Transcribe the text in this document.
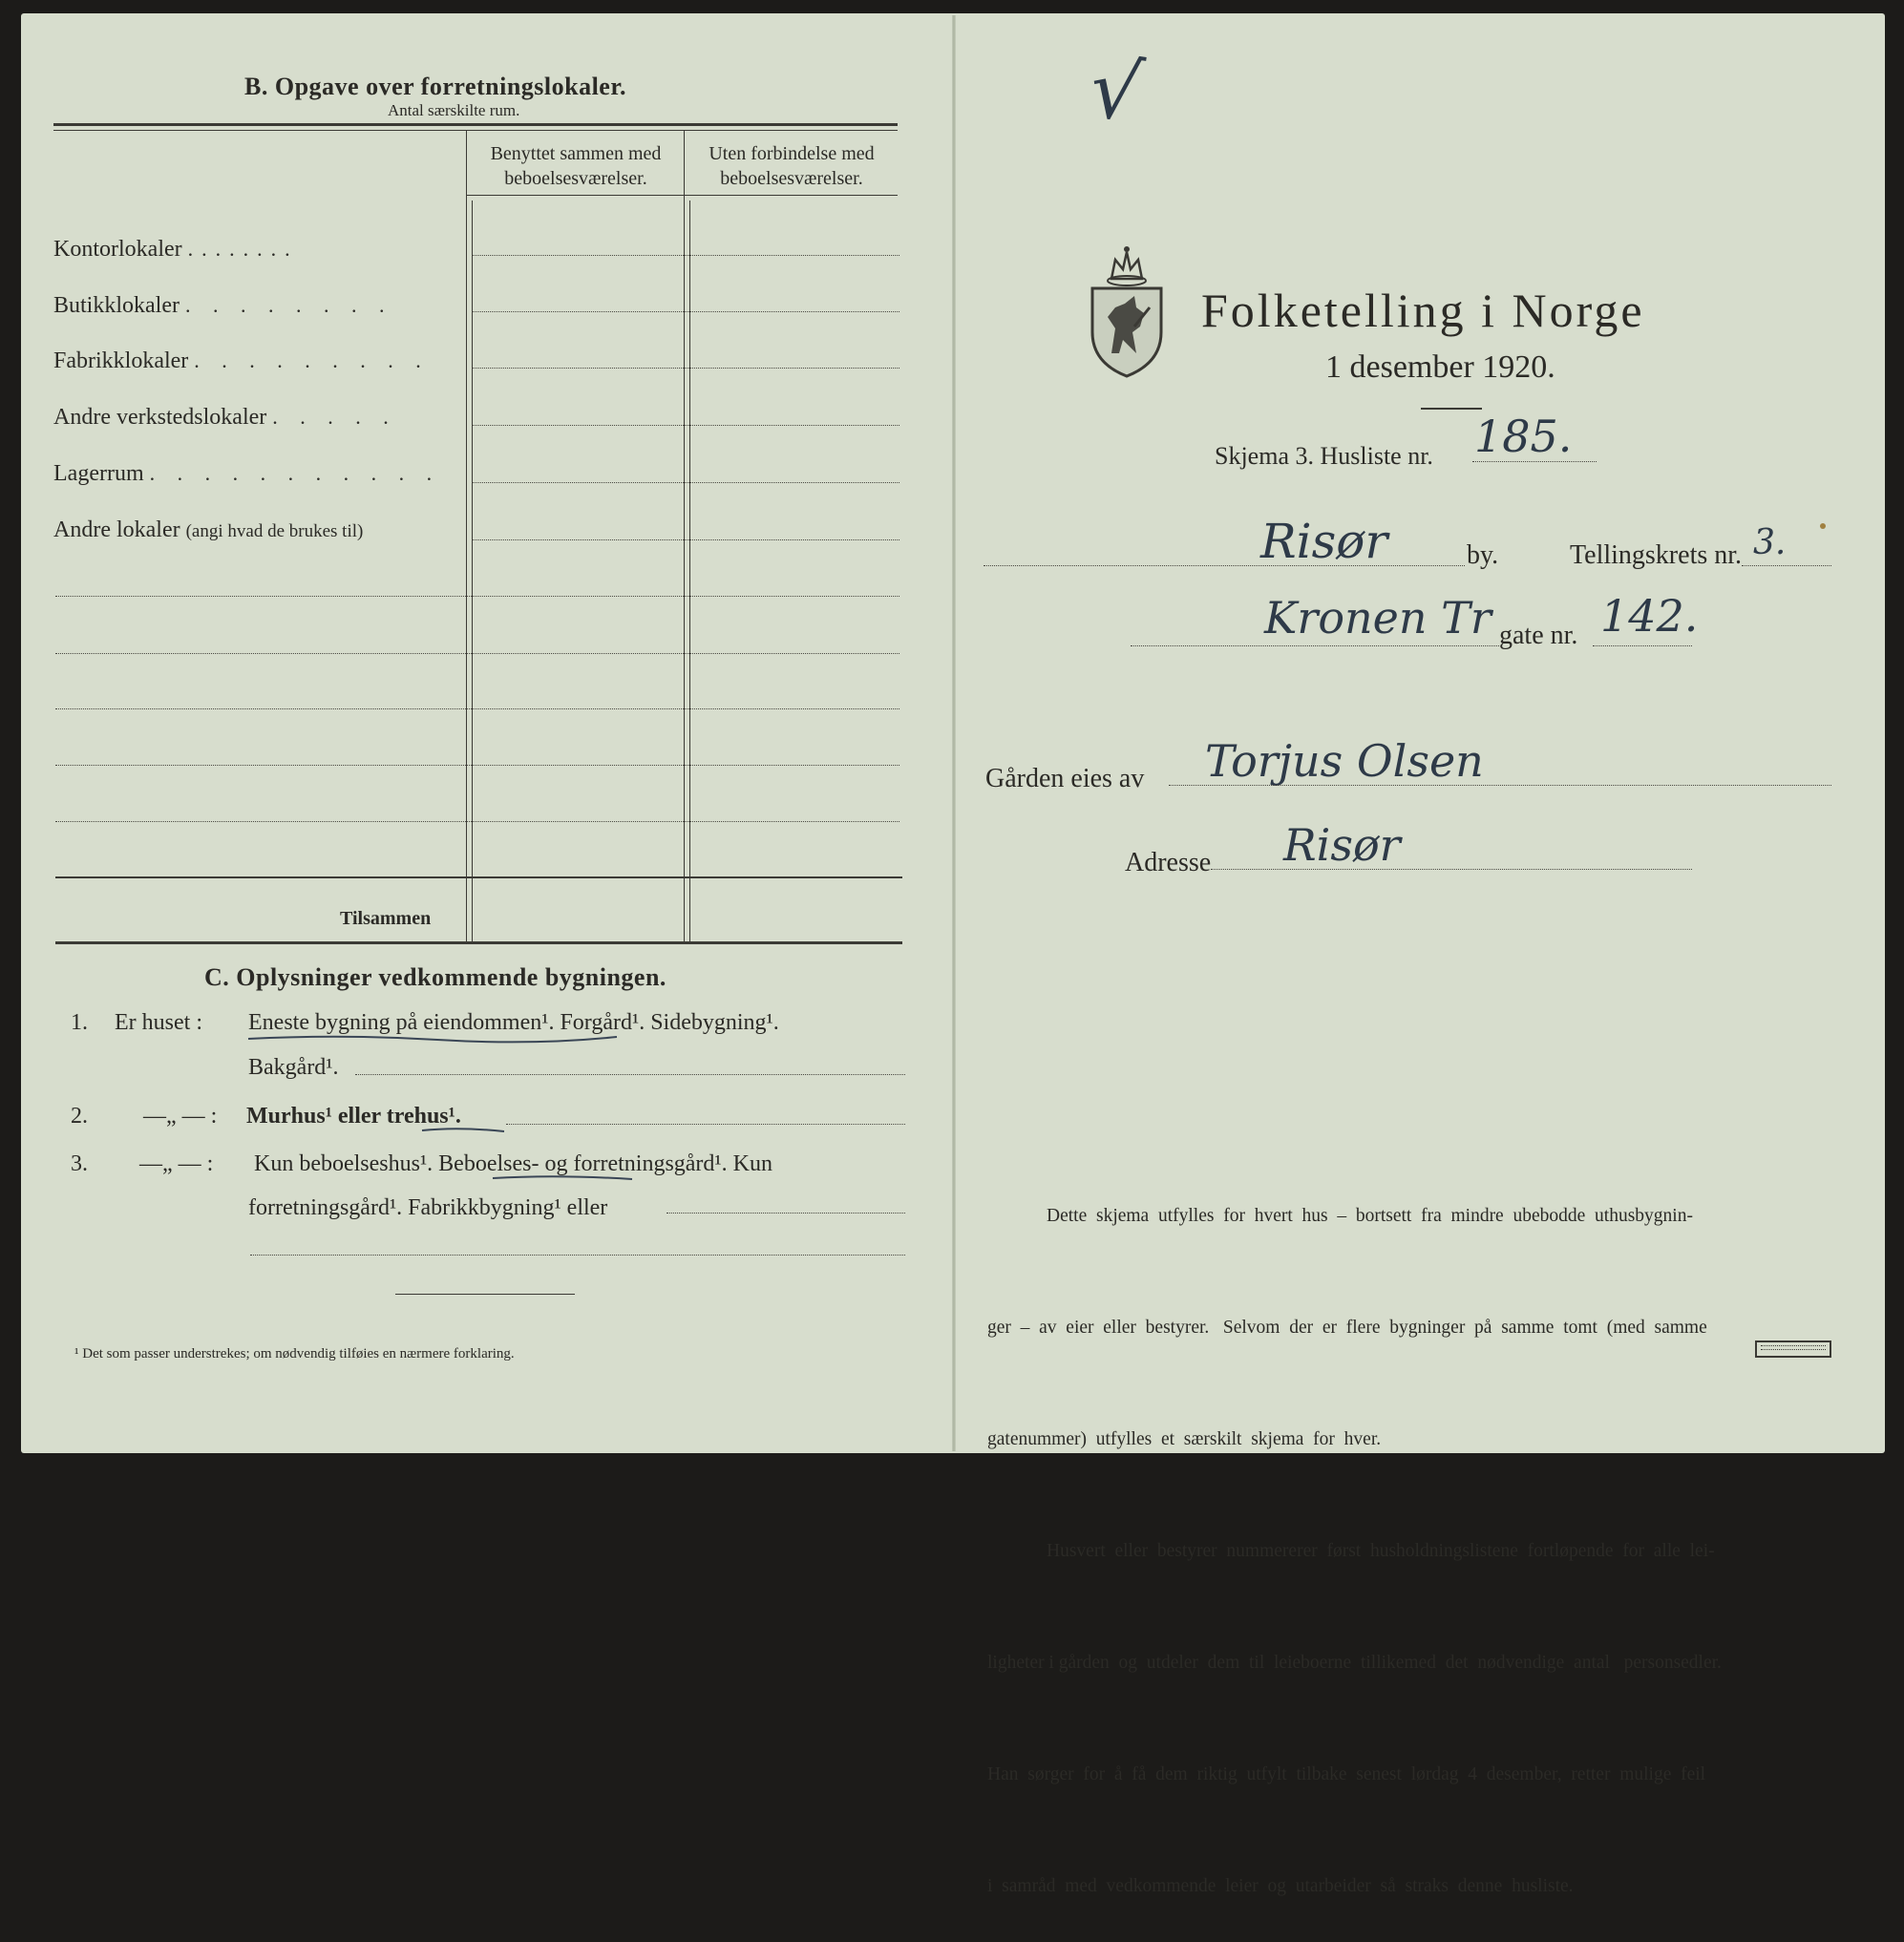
B. Opgave over forretningslokaler.
Antal særskilte rum.
Benyttet sammen med
beboelsesværelser.
Uten forbindelse med
beboelsesværelser.
Kontorlokaler ........
Butikklokaler . . . . . . . .
Fabrikklokaler . . . . . . . . .
Andre verkstedslokaler . . . . .
Lagerrum . . . . . . . . . . .
Andre lokaler (angi hvad de brukes til)
Tilsammen
C. Oplysninger vedkommende bygningen.
1. Er huset : Eneste bygning på eiendommen¹. Forgård¹. Sidebygning¹.
Bakgård¹.
2. —„ — : Murhus¹ eller trehus¹.
3. —„ — : Kun beboelseshus¹. Beboelses- og forretningsgård¹. Kun
forretningsgård¹. Fabrikkbygning¹ eller
¹ Det som passer understrekes; om nødvendig tilføies en nærmere forklaring.
√
Folketelling i Norge
1 desember 1920.
Skjema 3. Husliste nr. 185.
Risør	by.	Tellingskrets nr. 3.
Kronen Tr gate nr. 142.
Gården eies av Torjus Olsen
Adresse Risør

Dette  skjema  utfylles  for  hvert  hus  –  bortsett  fra  mindre  ubebodde  uthusbygnin-

ger  –  av  eier  eller  bestyrer.   Selvom  der  er  flere  bygninger  på  samme  tomt  (med  samme

gatenummer)  utfylles  et  særskilt  skjema  for  hver.

Husvert  eller  bestyrer  nummererer  først  husholdningslistene  fortløpende  for  alle  lei-

ligheter i gården  og  utdeler  dem  til  leieboerne  tillikemed  det  nødvendige  antal   personsedler.

Han  sørger  for  å  få  dem  riktig  utfylt  tilbake  senest  lørdag  4  desember,  retter  mulige  feil

i  samråd  med  vedkommende  leier  og  utarbeider  så  straks  denne  husliste.
